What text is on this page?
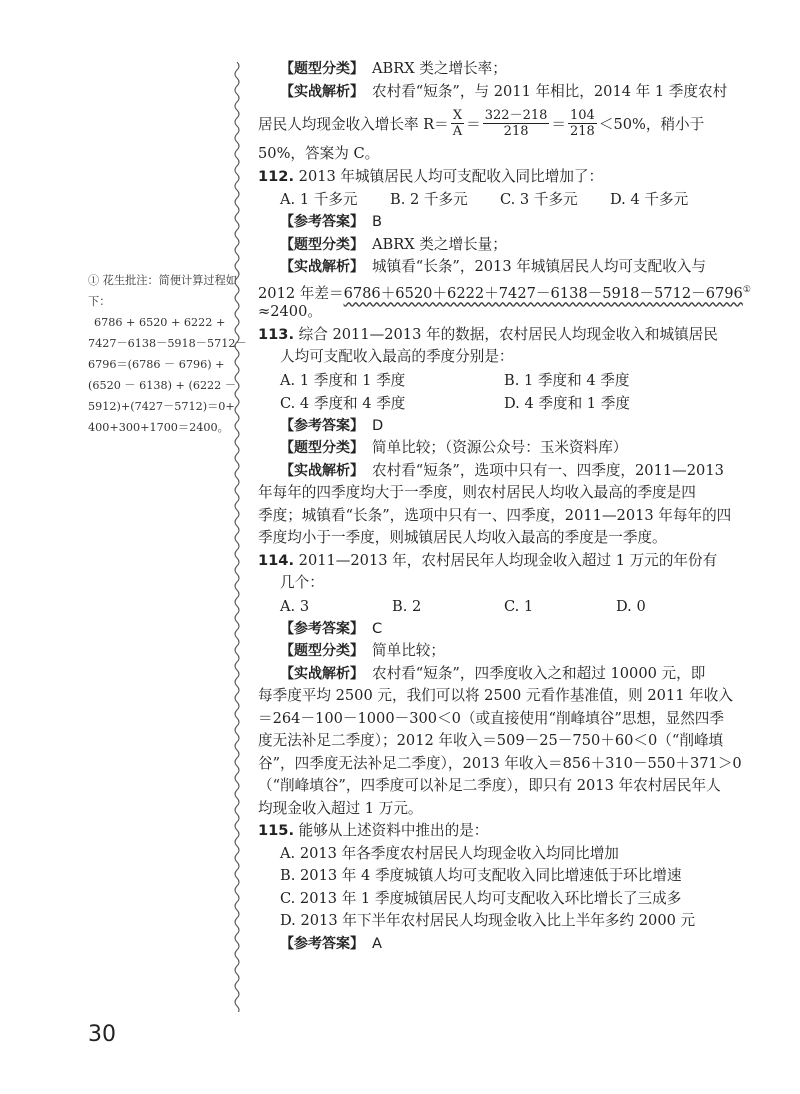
① 花生批注：简便计算过程如下：
6786 + 6520 + 6222 +
7427－6138－5918－5712－
6796＝(6786 － 6796) +
(6520 － 6138) + (6222 －
5912)+(7427－5712)＝0+
400+300+1700＝2400。
【题型分类】 ABRX 类之增长率；
【实战解析】 农村看“短条”，与 2011 年相比，2014 年 1 季度农村
居民人均现金收入增长率 $R= \frac{X}{A} = \frac{322-218}{218} = \frac{104}{218} <50\%$，稍小于
50%，答案为 C。
112. 2013 年城镇居民人均可支配收入同比增加了：
A. 1 千多元	B. 2 千多元	C. 3 千多元	D. 4 千多元
【参考答案】 B
【题型分类】 ABRX 类之增长量；
【实战解析】 城镇看“长条”，2013 年城镇居民人均可支配收入与
2012 年差＝6786＋6520＋6222＋7427－6138－5918－5712－6796①
≈2400。
113. 综合 2011—2013 年的数据，农村居民人均现金收入和城镇居民
人均可支配收入最高的季度分别是：
A. 1 季度和 1 季度	B. 1 季度和 4 季度
C. 4 季度和 4 季度	D. 4 季度和 1 季度
【参考答案】 D
【题型分类】 简单比较；（资源公众号：玉米资料库）
【实战解析】 农村看“短条”，选项中只有一、四季度，2011—2013
年每年的四季度均大于一季度，则农村居民人均收入最高的季度是四
季度；城镇看“长条”，选项中只有一、四季度，2011—2013 年每年的四
季度均小于一季度，则城镇居民人均收入最高的季度是一季度。
114. 2011—2013 年，农村居民年人均现金收入超过 1 万元的年份有
几个：
A. 3	B. 2	C. 1	D. 0
【参考答案】 C
【题型分类】 简单比较；
【实战解析】 农村看“短条”，四季度收入之和超过 10000 元，即
每季度平均 2500 元，我们可以将 2500 元看作基准值，则 2011 年收入
＝264－100－1000－300＜0（或直接使用“削峰填谷”思想，显然四季
度无法补足二季度）；2012 年收入＝509－25－750＋60＜0（“削峰填
谷”，四季度无法补足二季度），2013 年收入＝856＋310－550＋371＞0
（“削峰填谷”，四季度可以补足二季度），即只有 2013 年农村居民年人
均现金收入超过 1 万元。
115. 能够从上述资料中推出的是：
A. 2013 年各季度农村居民人均现金收入均同比增加
B. 2013 年 4 季度城镇人均可支配收入同比增速低于环比增速
C. 2013 年 1 季度城镇居民人均可支配收入环比增长了三成多
D. 2013 年下半年农村居民人均现金收入比上半年多约 2000 元
【参考答案】 A
30
